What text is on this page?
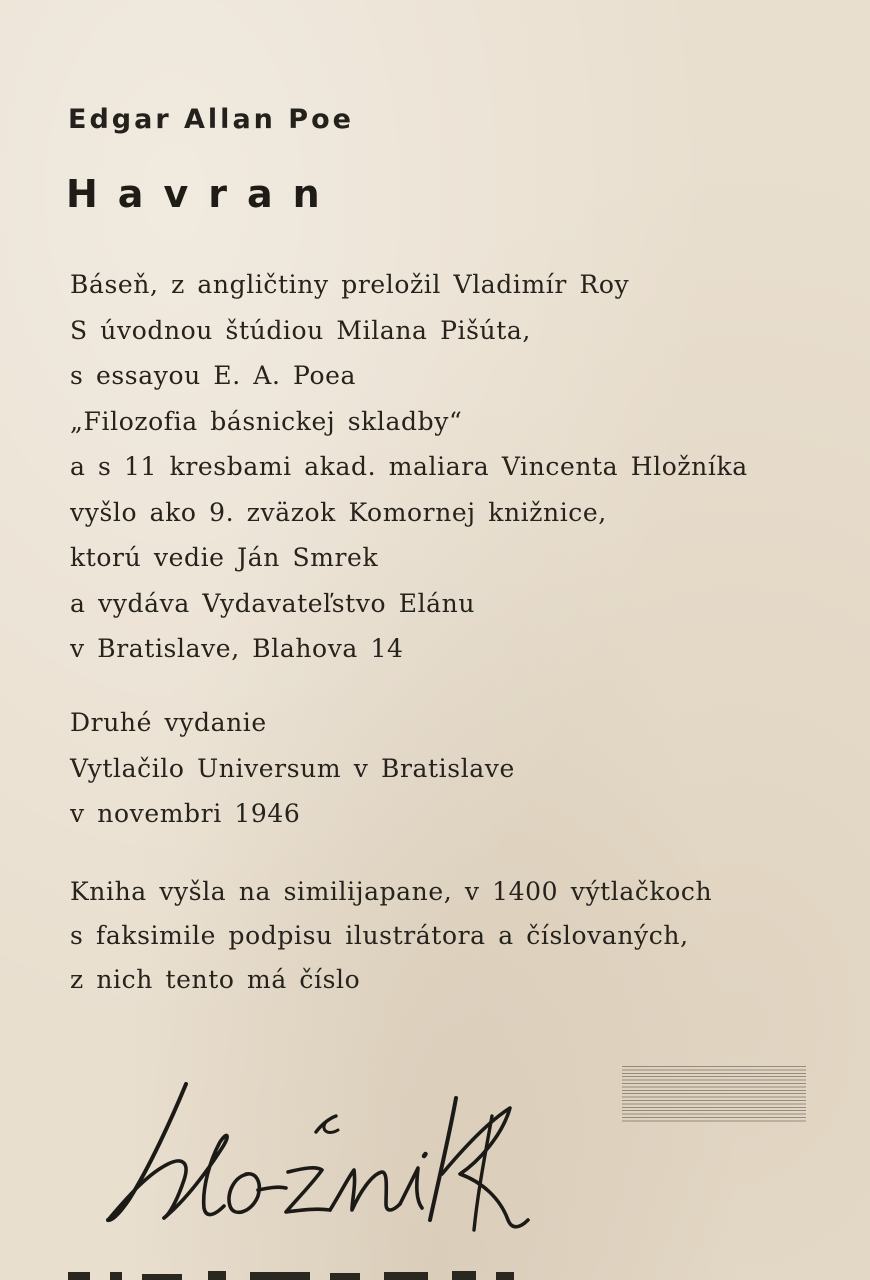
Edgar Allan Poe
Havran
Báseň, z angličtiny preložil Vladimír Roy
S úvodnou štúdiou Milana Pišúta,
s essayou E. A. Poea
„Filozofia básnickej skladby“
a s 11 kresbami akad. maliara Vincenta Hložníka
vyšlo ako 9. zväzok Komornej knižnice,
ktorú vedie Ján Smrek
a vydáva Vydavateľstvo Elánu
v Bratislave, Blahova 14
Druhé vydanie
Vytlačilo Universum v Bratislave
v novembri 1946
Kniha vyšla na similijapane, v 1400 výtlačkoch
s faksimile podpisu ilustrátora a číslovaných,
z nich tento má číslo
